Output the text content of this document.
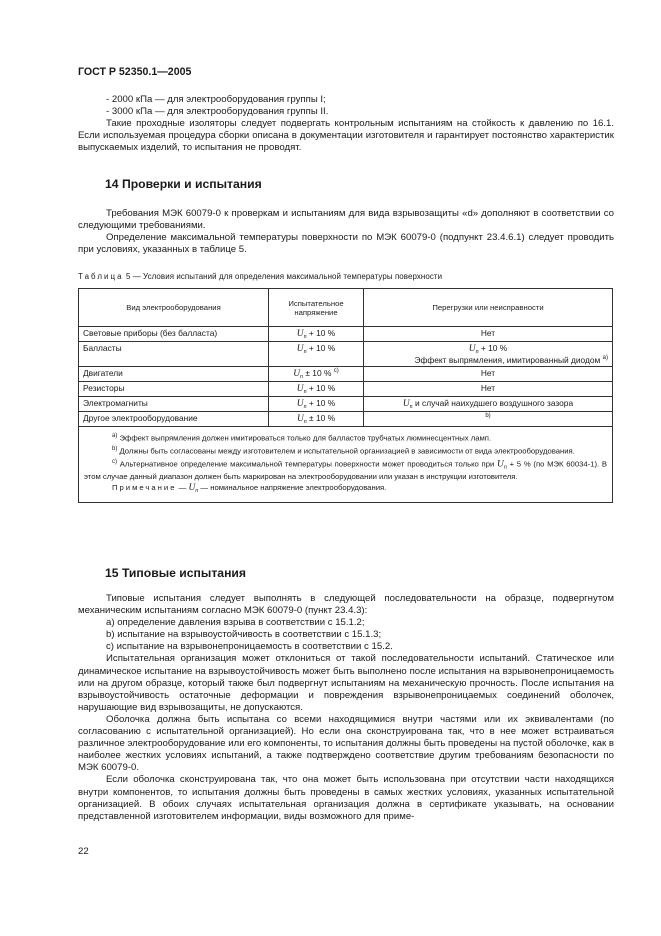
ГОСТ Р 52350.1—2005

- 2000 кПа — для электрооборудования группы I;

- 3000 кПа — для электрооборудования группы II.

Такие проходные изоляторы следует подвергать контрольным испытаниям на стойкость к давлению по 16.1. Если используемая процедура сборки описана в документации изготовителя и гарантирует постоянство характеристик выпускаемых изделий, то испытания не проводят.

14 Проверки и испытания

Требования МЭК 60079-0 к проверкам и испытаниям для вида взрывозащиты «d» дополняют в соответствии со следующими требованиями.

Определение максимальной температуры поверхности по МЭК 60079-0 (подпункт 23.4.6.1) следует проводить при условиях, указанных в таблице 5.

Таблица 5 — Условия испытаний для определения максимальной температуры поверхности
Вид электрооборудования	Испытательное напряжение	Перегрузки или неисправности
Световые приборы (без балласта)	$U_n + 10$ %	Нет
Балласты	$U_n + 10$ %	$U_n + 10$ %
Эффект выпрямления, имитированный диодом $^{а)}$

Двигатели	$U_n \pm 10$ % $^{с)}$	Нет
Резисторы	$U_n + 10$ %	Нет
Электромагниты	$U_n + 10$ %	$U_n$ и случай наихудшего воздушного зазора
Другое электрооборудование	$U_n \pm 10$ %	$^{b)}$

$^{а)}$ Эффект выпрямления должен имитироваться только для балластов трубчатых люминесцентных ламп.
$^{b)}$ Должны быть согласованы между изготовителем и испытательной организацией в зависимости от вида электрооборудования.
$^{c)}$ Альтернативное определение максимальной температуры поверхности может проводиться только при $U_n + 5$ % (по МЭК 60034-1). В этом случае данный диапазон должен быть маркирован на электрооборудовании или указан в инструкции изготовителя.
Примечание — $U_n$ — номинальное напряжение электрооборудования.		
15 Типовые испытания

Типовые испытания следует выполнять в следующей последовательности на образце, подвергнутом механическим испытаниям согласно МЭК 60079-0 (пункт 23.4.3):

a) определение давления взрыва в соответствии с 15.1.2;

b) испытание на взрывоустойчивость в соответствии с 15.1.3;

c) испытание на взрывонепроницаемость в соответствии с 15.2.

Испытательная организация может отклониться от такой последовательности испытаний. Статическое или динамическое испытание на взрывоустойчивость может быть выполнено после испытания на взрывонепроницаемость или на другом образце, который также был подвергнут испытаниям на механическую прочность. После испытания на взрывоустойчивость остаточные деформации и повреждения взрывонепроницаемых соединений оболочек, нарушающие вид взрывозащиты, не допускаются.

Оболочка должна быть испытана со всеми находящимися внутри частями или их эквивалентами (по согласованию с испытательной организацией). Но если она сконструирована так, что в нее может встраиваться различное электрооборудование или его компоненты, то испытания должны быть проведены на пустой оболочке, как в наиболее жестких условиях испытаний, а также подтверждено соответствие другим требованиям безопасности по МЭК 60079-0.

Если оболочка сконструирована так, что она может быть использована при отсутствии части находящихся внутри компонентов, то испытания должны быть проведены в самых жестких условиях, указанных испытательной организацией. В обоих случаях испытательная организация должна в сертификате указывать, на основании представленной изготовителем информации, виды возможного для приме-

22
